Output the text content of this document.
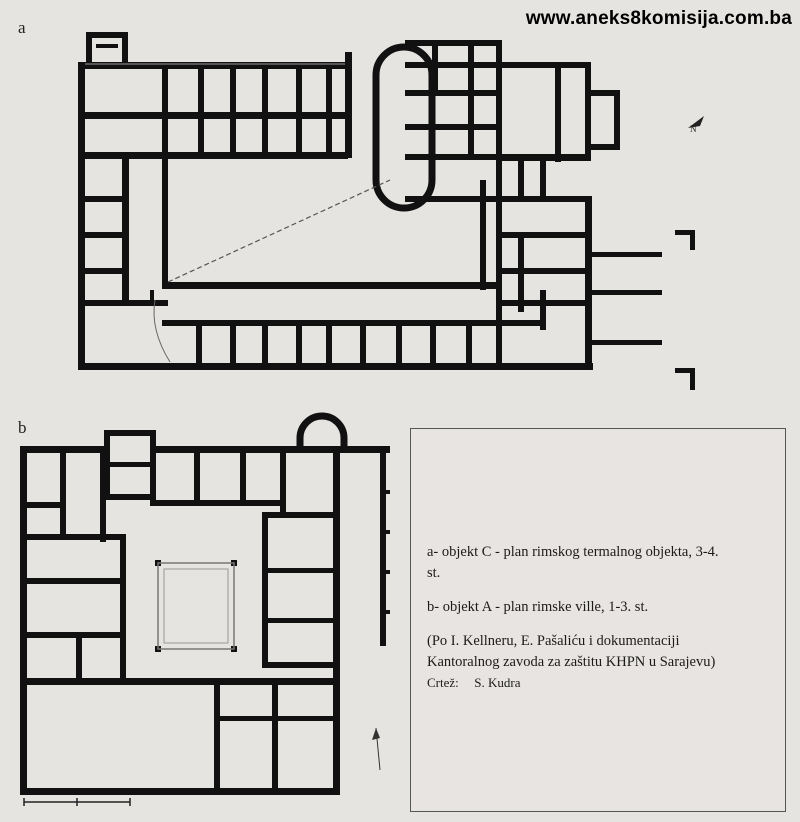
N
a
b
www.aneks8komisija.com.ba
a- objekt C - plan rimskog termalnog objekta, 3-4.
st.
b- objekt A - plan rimske ville, 1-3. st.
(Po I. Kellneru, E. Pašaliću i dokumentaciji
Kantoralnog zavoda za zaštitu KHPN u Sarajevu)
Crtež: S. Kudra
